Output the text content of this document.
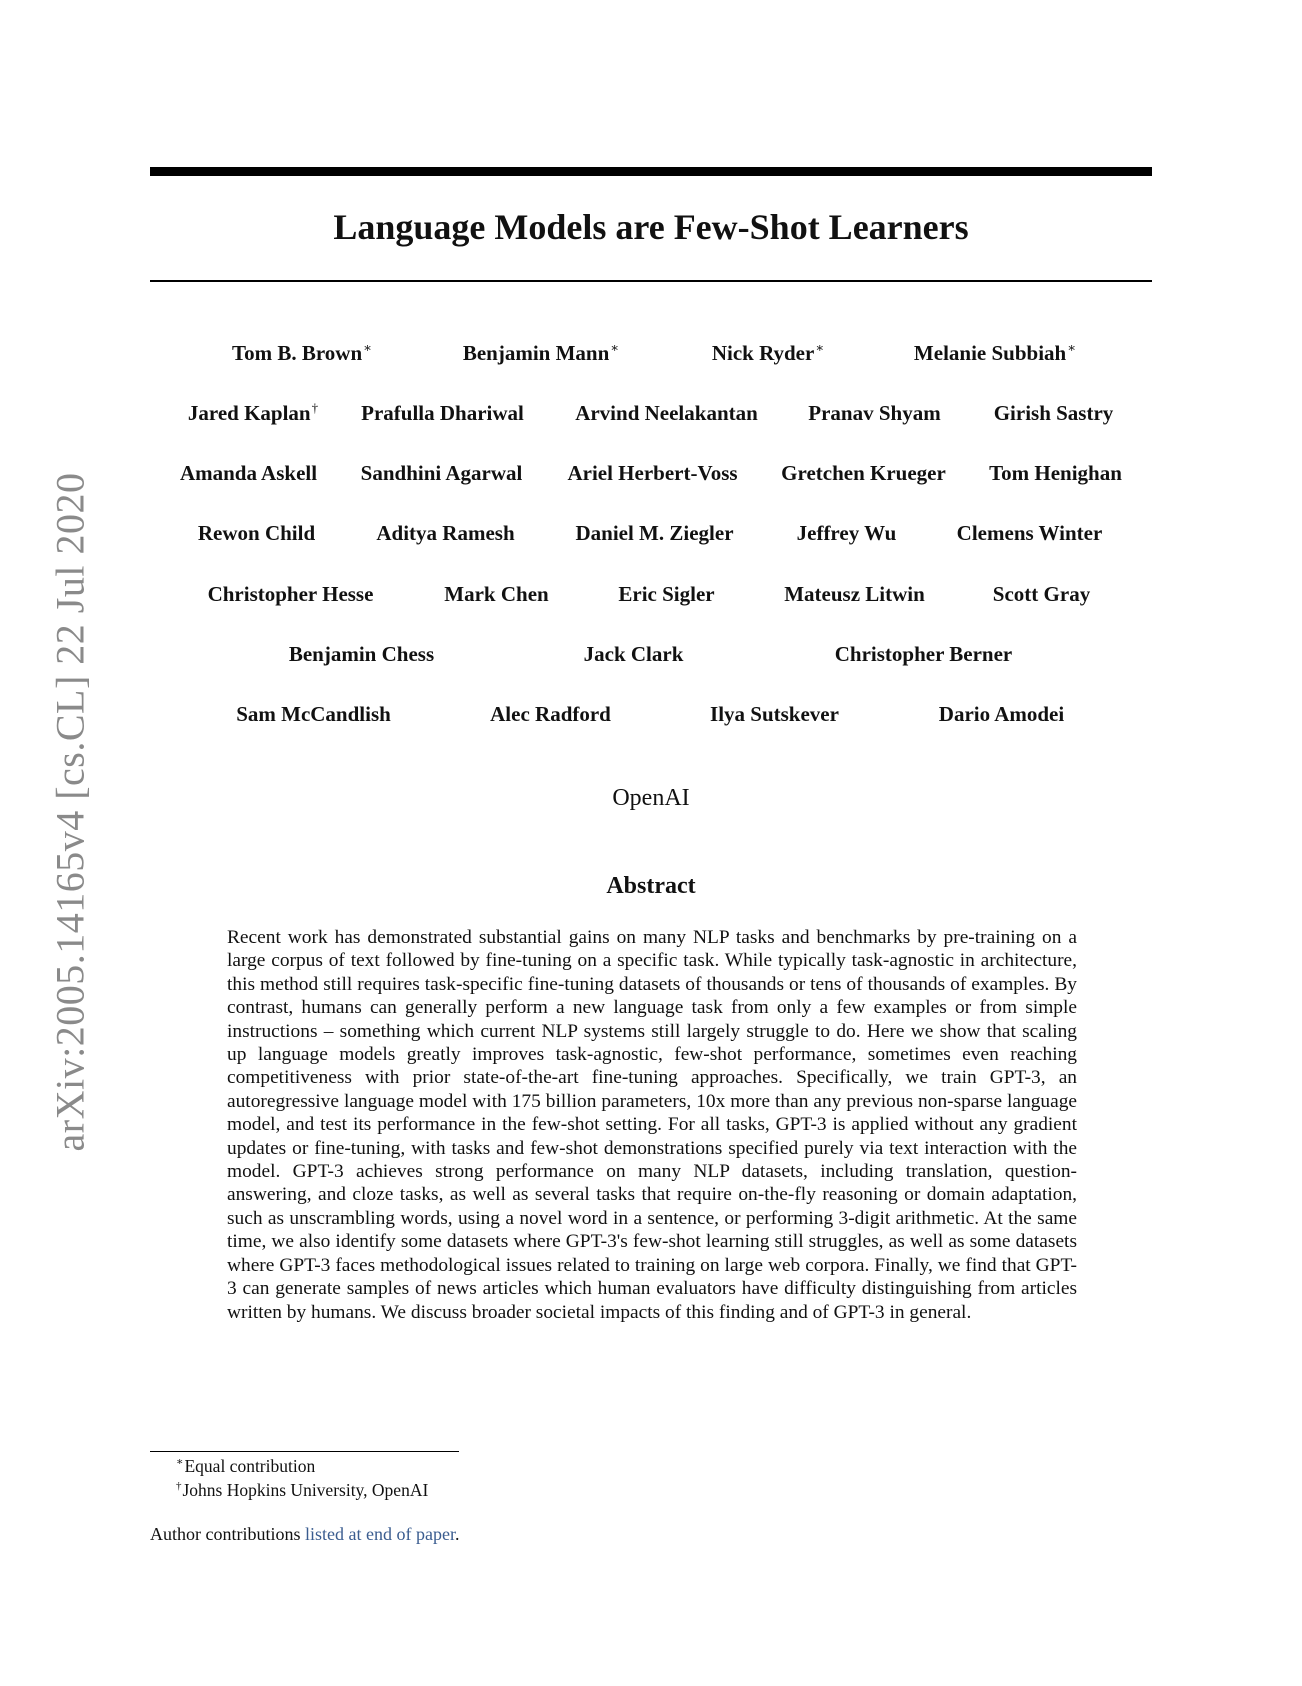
arXiv:2005.14165v4 [cs.CL] 22 Jul 2020
Language Models are Few-Shot Learners
Tom B. Brown∗	Benjamin Mann∗	Nick Ryder∗	Melanie Subbiah∗
Jared Kaplan† Prafulla Dhariwal Arvind Neelakantan Pranav Shyam	Girish Sastry
Amanda Askell Sandhini Agarwal Ariel Herbert-Voss Gretchen Krueger Tom Henighan
Rewon Child	Aditya Ramesh	Daniel M. Ziegler	Jeffrey Wu	Clemens Winter
Christopher Hesse	Mark Chen	Eric Sigler	Mateusz Litwin	Scott Gray
Benjamin Chess	Jack Clark	Christopher Berner
Sam McCandlish	Alec Radford	Ilya Sutskever	Dario Amodei
OpenAI
Abstract

Recent work has demonstrated substantial gains on many NLP tasks and benchmarks by pre-training on a large corpus of text followed by fine-tuning on a specific task. While typically task-agnostic in architecture, this method still requires task-specific fine-tuning datasets of thousands or tens of thousands of examples. By contrast, humans can generally perform a new language task from only a few examples or from simple instructions – something which current NLP systems still largely struggle to do. Here we show that scaling up language models greatly improves task-agnostic, few-shot performance, sometimes even reaching competitiveness with prior state-of-the-art fine-tuning approaches. Specifically, we train GPT-3, an autoregressive language model with 175 billion parameters, 10x more than any previous non-sparse language model, and test its performance in the few-shot setting. For all tasks, GPT-3 is applied without any gradient updates or fine-tuning, with tasks and few-shot demonstrations specified purely via text interaction with the model. GPT-3 achieves strong performance on many NLP datasets, including translation, question-answering, and cloze tasks, as well as several tasks that require on-the-fly reasoning or domain adaptation, such as unscrambling words, using a novel word in a sentence, or performing 3-digit arithmetic. At the same time, we also identify some datasets where GPT-3's few-shot learning still struggles, as well as some datasets where GPT-3 faces methodological issues related to training on large web corpora. Finally, we find that GPT-3 can generate samples of news articles which human evaluators have difficulty distinguishing from articles written by humans. We discuss broader societal impacts of this finding and of GPT-3 in general.

∗Equal contribution
†Johns Hopkins University, OpenAI
Author contributions listed at end of paper.
